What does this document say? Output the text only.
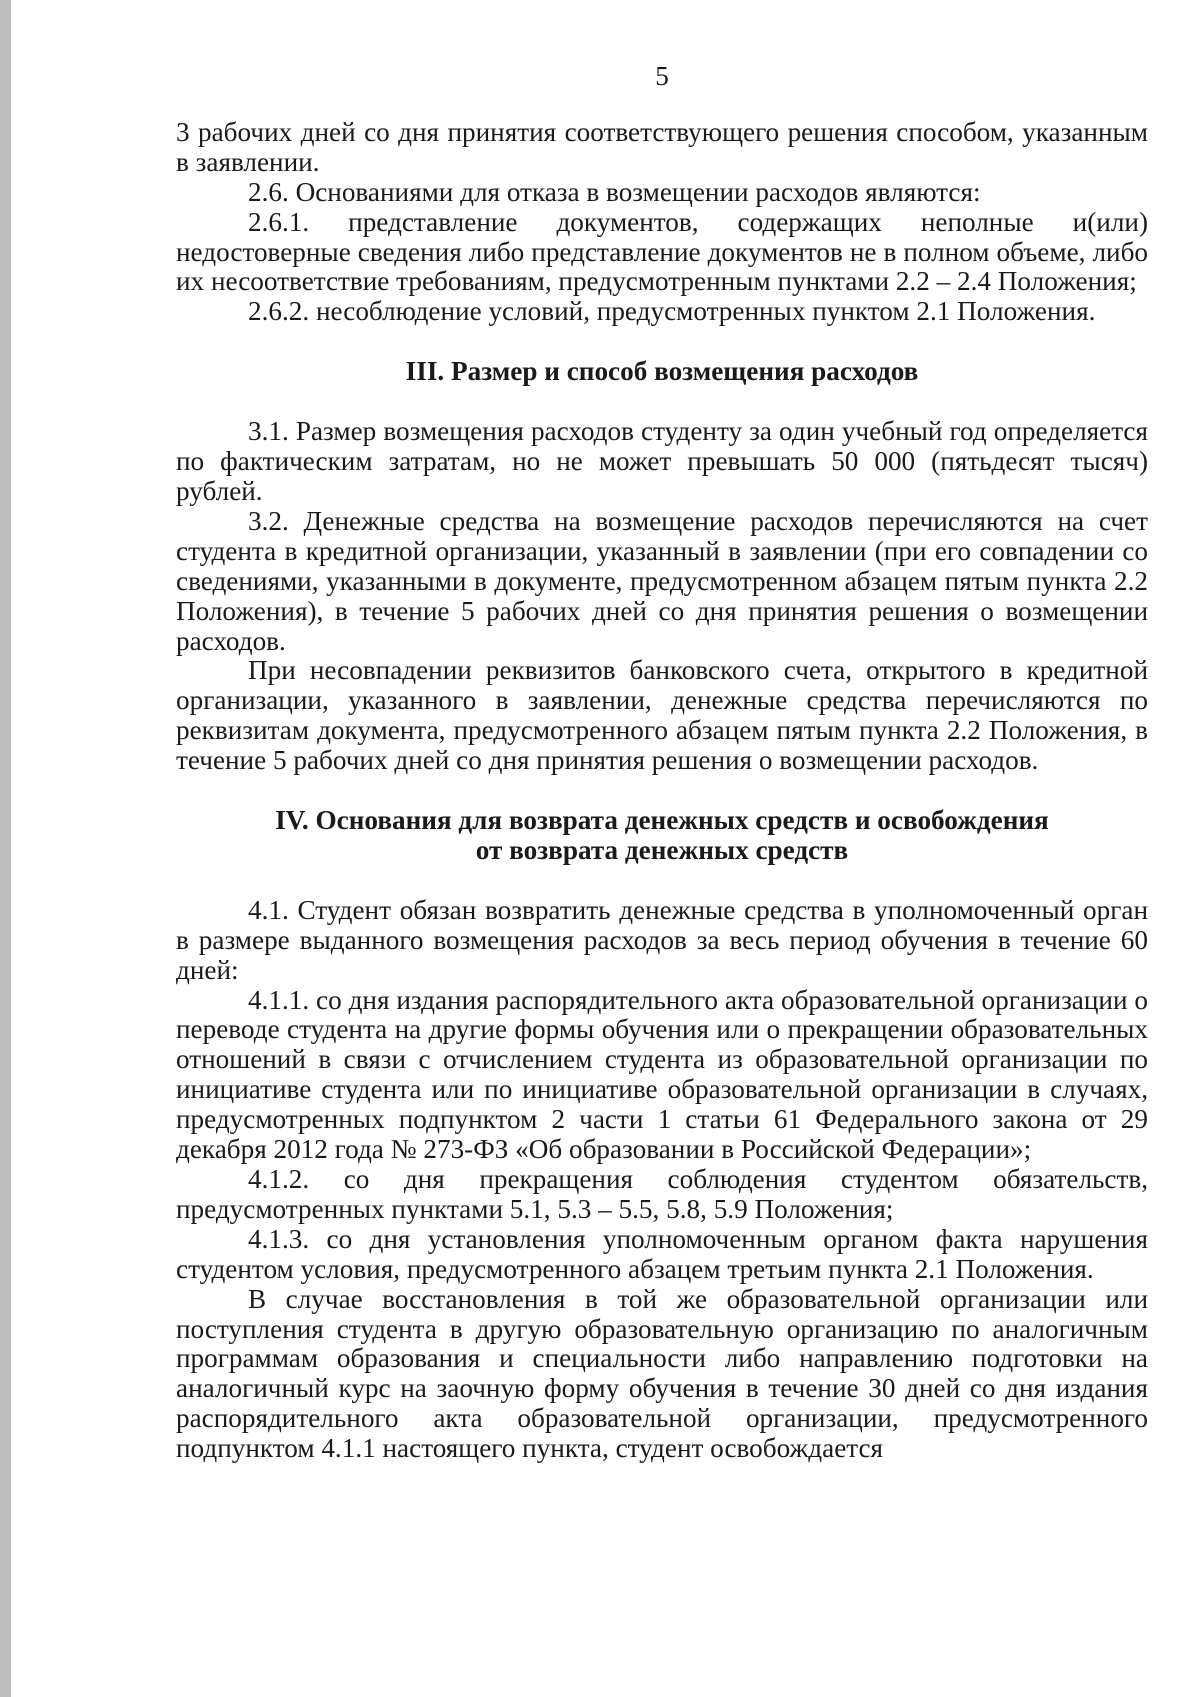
5

3 рабочих дней со дня принятия соответствующего решения способом, указанным в заявлении.

2.6. Основаниями для отказа в возмещении расходов являются:

2.6.1. представление документов, содержащих неполные и(или) недостоверные сведения либо представление документов не в полном объеме, либо их несоответствие требованиям, предусмотренным пунктами 2.2 – 2.4 Положения;

2.6.2. несоблюдение условий, предусмотренных пунктом 2.1 Положения.

III. Размер и способ возмещения расходов

3.1. Размер возмещения расходов студенту за один учебный год определяется по фактическим затратам, но не может превышать 50 000 (пятьдесят тысяч) рублей.

3.2. Денежные средства на возмещение расходов перечисляются на счет студента в кредитной организации, указанный в заявлении (при его совпадении со сведениями, указанными в документе, предусмотренном абзацем пятым пункта 2.2 Положения), в течение 5 рабочих дней со дня принятия решения о возмещении расходов.

При несовпадении реквизитов банковского счета, открытого в кредитной организации, указанного в заявлении, денежные средства перечисляются по реквизитам документа, предусмотренного абзацем пятым пункта 2.2 Положения, в течение 5 рабочих дней со дня принятия решения о возмещении расходов.

IV. Основания для возврата денежных средств и освобождения
от возврата денежных средств

4.1. Студент обязан возвратить денежные средства в уполномоченный орган в размере выданного возмещения расходов за весь период обучения в течение 60 дней:

4.1.1. со дня издания распорядительного акта образовательной организации о переводе студента на другие формы обучения или о прекращении образовательных отношений в связи с отчислением студента из образовательной организации по инициативе студента или по инициативе образовательной организации в случаях, предусмотренных подпунктом 2 части 1 статьи 61 Федерального закона от 29 декабря 2012 года № 273-ФЗ «Об образовании в Российской Федерации»;

4.1.2. со дня прекращения соблюдения студентом обязательств, предусмотренных пунктами 5.1, 5.3 – 5.5, 5.8, 5.9 Положения;

4.1.3. со дня установления уполномоченным органом факта нарушения студентом условия, предусмотренного абзацем третьим пункта 2.1 Положения.

В случае восстановления в той же образовательной организации или поступления студента в другую образовательную организацию по аналогичным программам образования и специальности либо направлению подготовки на аналогичный курс на заочную форму обучения в течение 30 дней со дня издания распорядительного акта образовательной организации, предусмотренного подпунктом 4.1.1 настоящего пункта, студент освобождается
